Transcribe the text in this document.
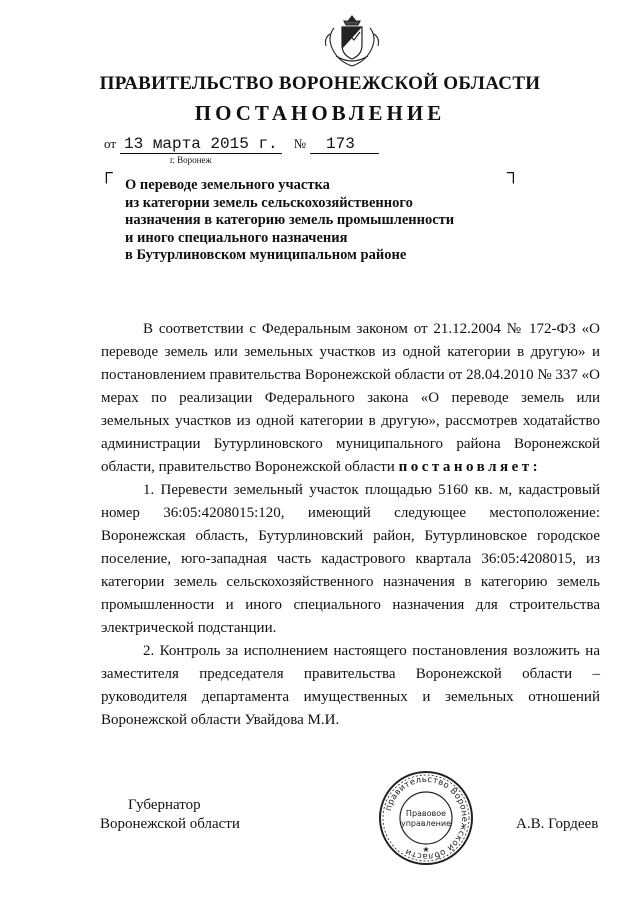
ПРАВИТЕЛЬСТВО ВОРОНЕЖСКОЙ ОБЛАСТИ
ПОСТАНОВЛЕНИЕ
от 13 марта 2015 г.	№	173
г. Воронеж
┌	┐
О переводе земельного участка
из категории земель сельскохозяйственного
назначения в категорию земель промышленности
и иного специального назначения
в Бутурлиновском муниципальном районе
В соответствии с Федеральным законом от 21.12.2004 № 172-ФЗ «О переводе земель или земельных участков из одной категории в другую» и постановлением правительства Воронежской области от 28.04.2010 № 337 «О мерах по реализации Федерального закона «О переводе земель или земельных участков из одной категории в другую», рассмотрев ходатайство администрации Бутурлиновского муниципального района Воронежской области, правительство Воронежской области постановляет:
1. Перевести земельный участок площадью 5160 кв. м, кадастровый номер 36:05:4208015:120, имеющий следующее местоположение: Воронежская область, Бутурлиновский район, Бутурлиновское городское поселение, юго-западная часть кадастрового квартала 36:05:4208015, из категории земель сельскохозяйственного назначения в категорию земель промышленности и иного специального назначения для строительства электрической подстанции.
2. Контроль за исполнением настоящего постановления возложить на заместителя председателя правительства Воронежской области – руководителя департамента имущественных и земельных отношений Воронежской области Увайдова М.И.
Губернатор
Воронежской области	А.В. Гордеев
правительство Воронежской области
Правовое
управление
★
